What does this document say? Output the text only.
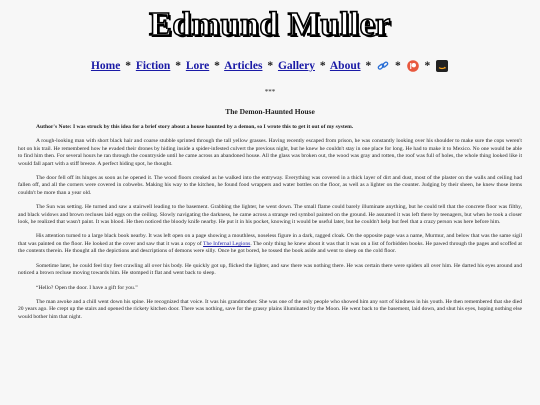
Edmund Muller
Home * Fiction * Lore * Articles * Gallery * About * * *
***
The Demon-Haunted House

Author's Note: I was struck by this idea for a brief story about a house haunted by a demon, so I wrote this to get it out of my system.

A rough-looking man with short black hair and coarse stubble sprinted through the tall yellow grasses. Having recently escaped from prison, he was constantly looking over his shoulder to make sure the cops weren't hot on his trail. He remembered how he evaded their drones by hiding inside a spider-infested culvert the previous night, but he knew he couldn't stay in one place for long. He had to make it to Mexico. No one would be able to find him then. For several hours he ran through the countryside until he came across an abandoned house. All the glass was broken out, the wood was gray and rotten, the roof was full of holes, the whole thing looked like it would fall apart with a stiff breeze. A perfect hiding spot, he thought.

The door fell off its hinges as soon as he opened it. The wood floors creaked as he walked into the entryway. Everything was covered in a thick layer of dirt and dust, most of the plaster on the walls and ceiling had fallen off, and all the corners were covered in cobwebs. Making his way to the kitchen, he found food wrappers and water bottles on the floor, as well as a lighter on the counter. Judging by their sheen, he knew those items couldn't be more than a year old.

The Sun was setting. He turned and saw a stairwell leading to the basement. Grabbing the lighter, he went down. The small flame could barely illuminate anything, but he could tell that the concrete floor was filthy, and black widows and brown recluses laid eggs on the ceiling. Slowly navigating the darkness, he came across a strange red symbol painted on the ground. He assumed it was left there by teenagers, but when he took a closer look, he realized that wasn't paint. It was blood. He then noticed the bloody knife nearby. He put it in his pocket, knowing it would be useful later, but he couldn't help but feel that a crazy person was here before him.

His attention turned to a large black book nearby. It was left open on a page showing a mouthless, noseless figure in a dark, ragged cloak. On the opposite page was a name, Murmur, and below that was the same sigil that was painted on the floor. He looked at the cover and saw that it was a copy of The Infernal Legions. The only thing he knew about it was that it was on a list of forbidden books. He pawed through the pages and scoffed at the contents therein. He thought all the depictions and descriptions of demons were silly. Once he got bored, he tossed the book aside and went to sleep on the cold floor.

Sometime later, he could feel tiny feet crawling all over his body. He quickly got up, flicked the lighter, and saw there was nothing there. He was certain there were spiders all over him. He darted his eyes around and noticed a brown recluse moving towards him. He stomped it flat and went back to sleep.

“Hello? Open the door. I have a gift for you.”

The man awoke and a chill went down his spine. He recognized that voice. It was his grandmother. She was one of the only people who showed him any sort of kindness in his youth. He then remembered that she died 20 years ago. He crept up the stairs and opened the rickety kitchen door. There was nothing, save for the grassy plains illuminated by the Moon. He went back to the basement, laid down, and shut his eyes, hoping nothing else would bother him that night.
